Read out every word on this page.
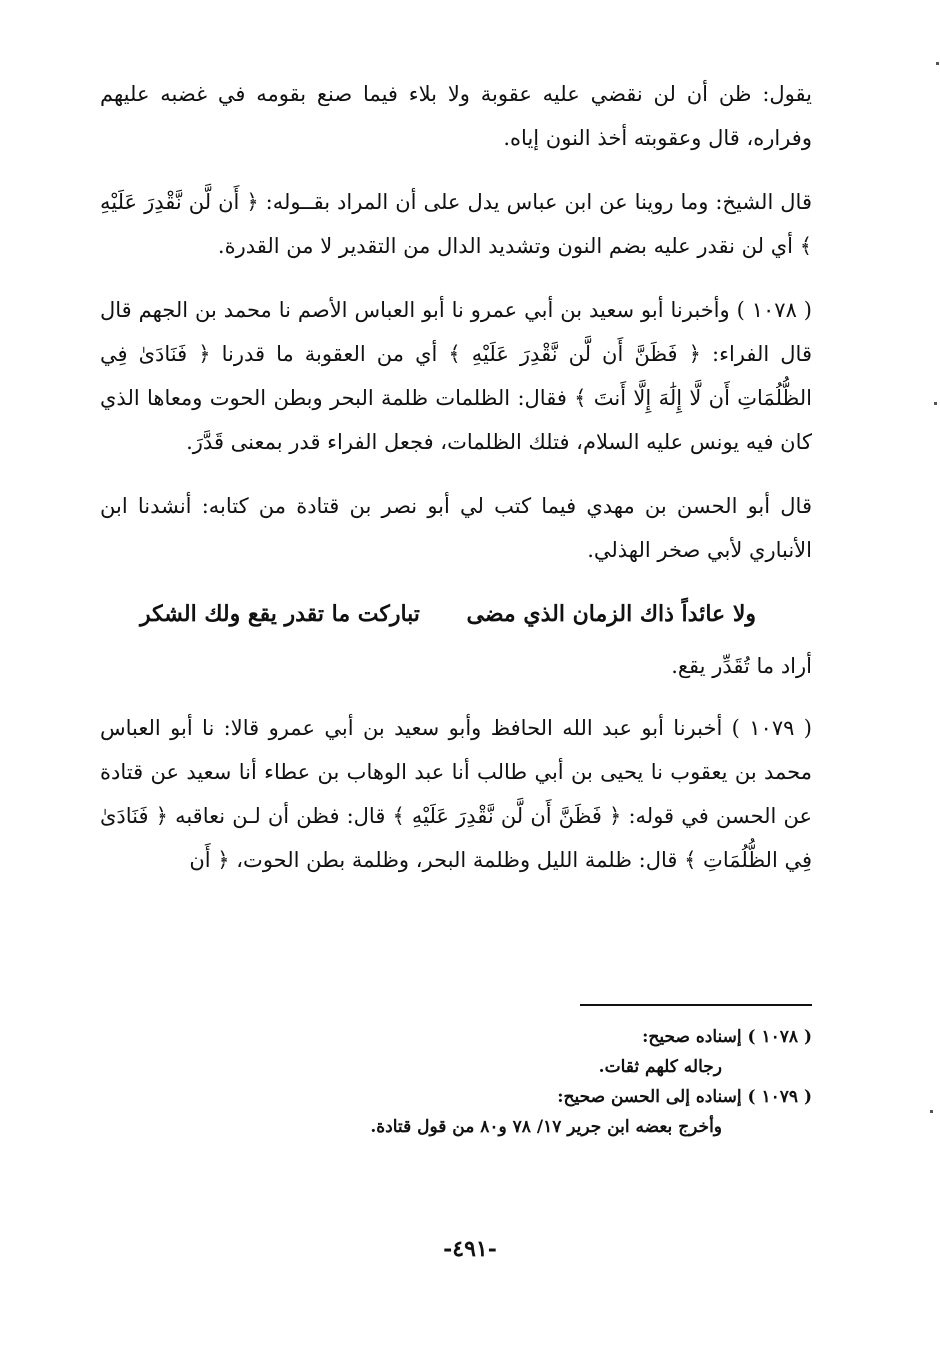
يقول: ظن أن لن نقضي عليه عقوبة ولا بلاء فيما صنع بقومه في غضبه عليهم وفراره، قال وعقوبته أخذ النون إياه.

قال الشيخ: وما روينا عن ابن عباس يدل على أن المراد بقــوله: ﴿ أَن لَّن نَّقْدِرَ عَلَيْهِ ﴾ أي لن نقدر عليه بضم النون وتشديد الدال من التقدير لا من القدرة.

( ١٠٧٨ ) وأخبرنا أبو سعيد بن أبي عمرو نا أبو العباس الأصم نا محمد بن الجهم قال قال الفراء: ﴿ فَظَنَّ أَن لَّن نَّقْدِرَ عَلَيْهِ ﴾ أي من العقوبة ما قدرنا ﴿ فَنَادَىٰ فِي الظُّلُمَاتِ أَن لَّا إِلَٰهَ إِلَّا أَنتَ ﴾ فقال: الظلمات ظلمة البحر وبطن الحوت ومعاها الذي كان فيه يونس عليه السلام، فتلك الظلمات، فجعل الفراء قدر بمعنى قَدَّرَ.

قال أبو الحسن بن مهدي فيما كتب لي أبو نصر بن قتادة من كتابه: أنشدنا ابن الأنباري لأبي صخر الهذلي.

ولا عائداً ذاك الزمان الذي مضى
تباركت ما تقدر يقع ولك الشكر

أراد ما تُقَدِّر يقع.

( ١٠٧٩ ) أخبرنا أبو عبد الله الحافظ وأبو سعيد بن أبي عمرو قالا: نا أبو العباس محمد بن يعقوب نا يحيى بن أبي طالب أنا عبد الوهاب بن عطاء أنا سعيد عن قتادة عن الحسن في قوله: ﴿ فَظَنَّ أَن لَّن نَّقْدِرَ عَلَيْهِ ﴾ قال: فظن أن لـن نعاقبه ﴿ فَنَادَىٰ فِي الظُّلُمَاتِ ﴾ قال: ظلمة الليل وظلمة البحر، وظلمة بطن الحوت، ﴿ أَن

( ١٠٧٨ ) إسناده صحيح:
رجاله كلهم ثقات.
( ١٠٧٩ ) إسناده إلى الحسن صحيح:
وأخرج بعضه ابن جرير ١٧/ ٧٨ و٨٠ من قول قتادة.
-٤٩١-
